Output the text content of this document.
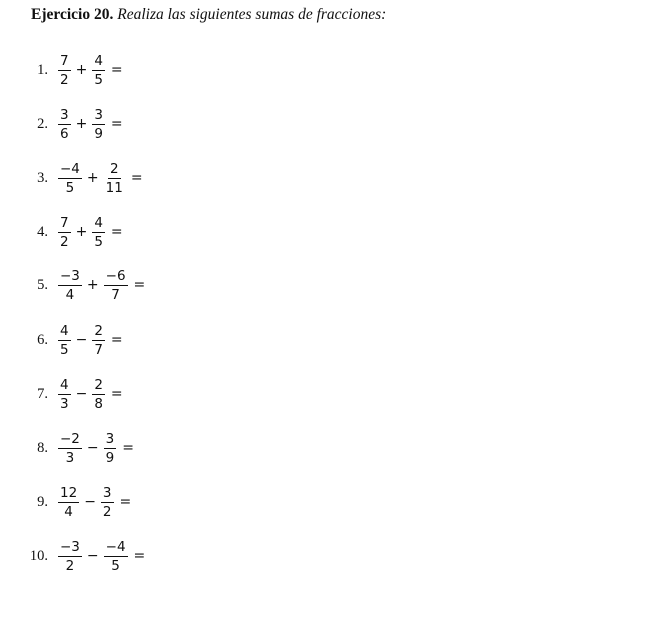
Ejercicio 20. Realiza las siguientes sumas de fracciones:
1. $\frac{7}{2} + \frac{4}{5}$ =
2. $\frac{3}{6} + \frac{3}{9}$ =
3. $\frac{-4}{5} + \frac{2}{11}$ =
4. $\frac{7}{2} + \frac{4}{5}$ =
5. $\frac{-3}{4} + \frac{-6}{7}$ =
6. $\frac{4}{5} - \frac{2}{7}$ =
7. $\frac{4}{3} - \frac{2}{8}$ =
8. $\frac{-2}{3} - \frac{3}{9}$ =
9. $\frac{12}{4} - \frac{3}{2}$ =
10. $\frac{-3}{2} - \frac{-4}{5}$ =
